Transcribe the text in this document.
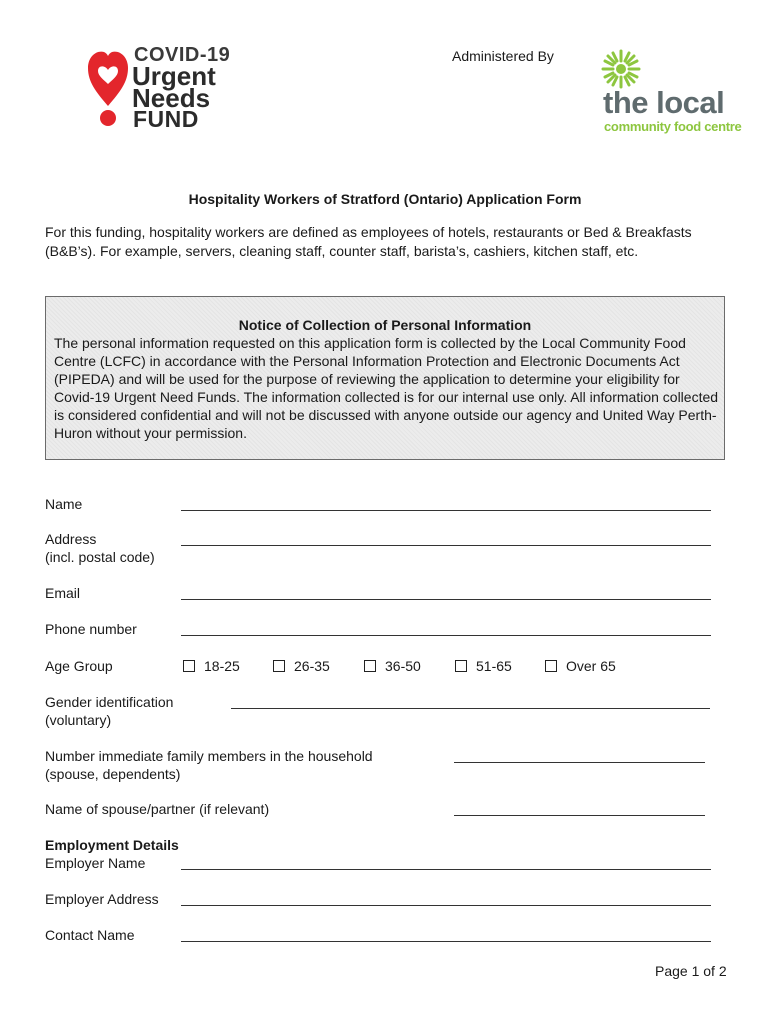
COVID-19
Urgent
Needs
FUND
Administered By
the local
community food centre
Hospitality Workers of Stratford (Ontario) Application Form
For this funding, hospitality workers are defined as employees of hotels, restaurants or Bed & Breakfasts (B&B’s). For example, servers, cleaning staff, counter staff, barista’s, cashiers, kitchen staff, etc.
Notice of Collection of Personal Information
The personal information requested on this application form is collected by the Local Community Food Centre (LCFC) in accordance with the Personal Information Protection and Electronic Documents Act (PIPEDA) and will be used for the purpose of reviewing the application to determine your eligibility for Covid-19 Urgent Need Funds. The information collected is for our internal use only. All information collected is considered confidential and will not be discussed with anyone outside our agency and United Way Perth-Huron without your permission.
Name
Address
(incl. postal code)
Email
Phone number
Age Group	18-25	26-35	36-50	51-65	Over 65
Gender identification
(voluntary)
Number immediate family members in the household
(spouse, dependents)
Name of spouse/partner (if relevant)
Employment Details
Employer Name
Employer Address
Contact Name
Page 1 of 2
